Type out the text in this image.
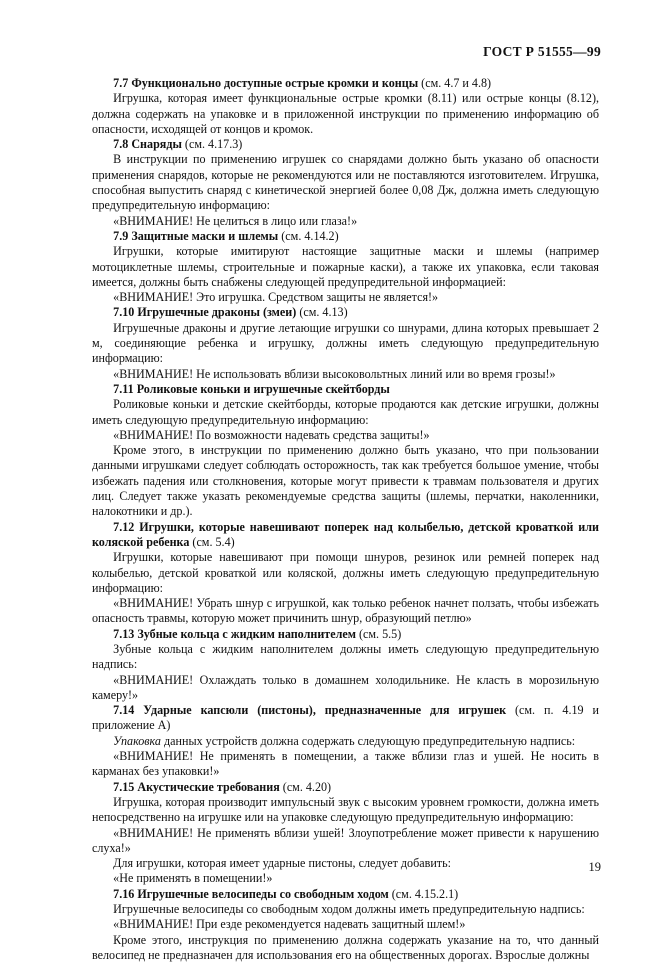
ГОСТ Р 51555—99

7.7 Функционально доступные острые кромки и концы (см. 4.7 и 4.8)

Игрушка, которая имеет функциональные острые кромки (8.11) или острые концы (8.12), должна содержать на упаковке и в приложенной инструкции по применению информацию об опасности, исходящей от концов и кромок.

7.8 Снаряды (см. 4.17.3)

В инструкции по применению игрушек со снарядами должно быть указано об опасности применения снарядов, которые не рекомендуются или не поставляются изготовителем. Игрушка, способная выпустить снаряд с кинетической энергией более 0,08 Дж, должна иметь следующую предупредительную информацию:

«ВНИМАНИЕ! Не целиться в лицо или глаза!»

7.9 Защитные маски и шлемы (см. 4.14.2)

Игрушки, которые имитируют настоящие защитные маски и шлемы (например мотоциклетные шлемы, строительные и пожарные каски), а также их упаковка, если таковая имеется, должны быть снабжены следующей предупредительной информацией:

«ВНИМАНИЕ! Это игрушка. Средством защиты не является!»

7.10 Игрушечные драконы (змеи) (см. 4.13)

Игрушечные драконы и другие летающие игрушки со шнурами, длина которых превышает 2 м, соединяющие ребенка и игрушку, должны иметь следующую предупредительную информацию:

«ВНИМАНИЕ! Не использовать вблизи высоковольтных линий или во время грозы!»

7.11 Роликовые коньки и игрушечные скейтборды

Роликовые коньки и детские скейтборды, которые продаются как детские игрушки, должны иметь следующую предупредительную информацию:

«ВНИМАНИЕ! По возможности надевать средства защиты!»

Кроме этого, в инструкции по применению должно быть указано, что при пользовании данными игрушками следует соблюдать осторожность, так как требуется большое умение, чтобы избежать падения или столкновения, которые могут привести к травмам пользователя и других лиц. Следует также указать рекомендуемые средства защиты (шлемы, перчатки, наколенники, налокотники и др.).

7.12 Игрушки, которые навешивают поперек над колыбелью, детской кроваткой или коляской ребенка (см. 5.4)

Игрушки, которые навешивают при помощи шнуров, резинок или ремней поперек над колыбелью, детской кроваткой или коляской, должны иметь следующую предупредительную информацию:

«ВНИМАНИЕ! Убрать шнур с игрушкой, как только ребенок начнет ползать, чтобы избежать опасность травмы, которую может причинить шнур, образующий петлю»

7.13 Зубные кольца с жидким наполнителем (см. 5.5)

Зубные кольца с жидким наполнителем должны иметь следующую предупредительную надпись:

«ВНИМАНИЕ! Охлаждать только в домашнем холодильнике. Не класть в морозильную камеру!»

7.14 Ударные капсюли (пистоны), предназначенные для игрушек (см. п. 4.19 и приложение А)

Упаковка данных устройств должна содержать следующую предупредительную надпись:

«ВНИМАНИЕ! Не применять в помещении, а также вблизи глаз и ушей. Не носить в карманах без упаковки!»

7.15 Акустические требования (см. 4.20)

Игрушка, которая производит импульсный звук с высоким уровнем громкости, должна иметь непосредственно на игрушке или на упаковке следующую предупредительную информацию:

«ВНИМАНИЕ! Не применять вблизи ушей! Злоупотребление может привести к нарушению слуха!»

Для игрушки, которая имеет ударные пистоны, следует добавить:

«Не применять в помещении!»

7.16 Игрушечные велосипеды со свободным ходом (см. 4.15.2.1)

Игрушечные велосипеды со свободным ходом должны иметь предупредительную надпись:

«ВНИМАНИЕ! При езде рекомендуется надевать защитный шлем!»

Кроме этого, инструкция по применению должна содержать указание на то, что данный велосипед не предназначен для использования его на общественных дорогах. Взрослые должны

19
